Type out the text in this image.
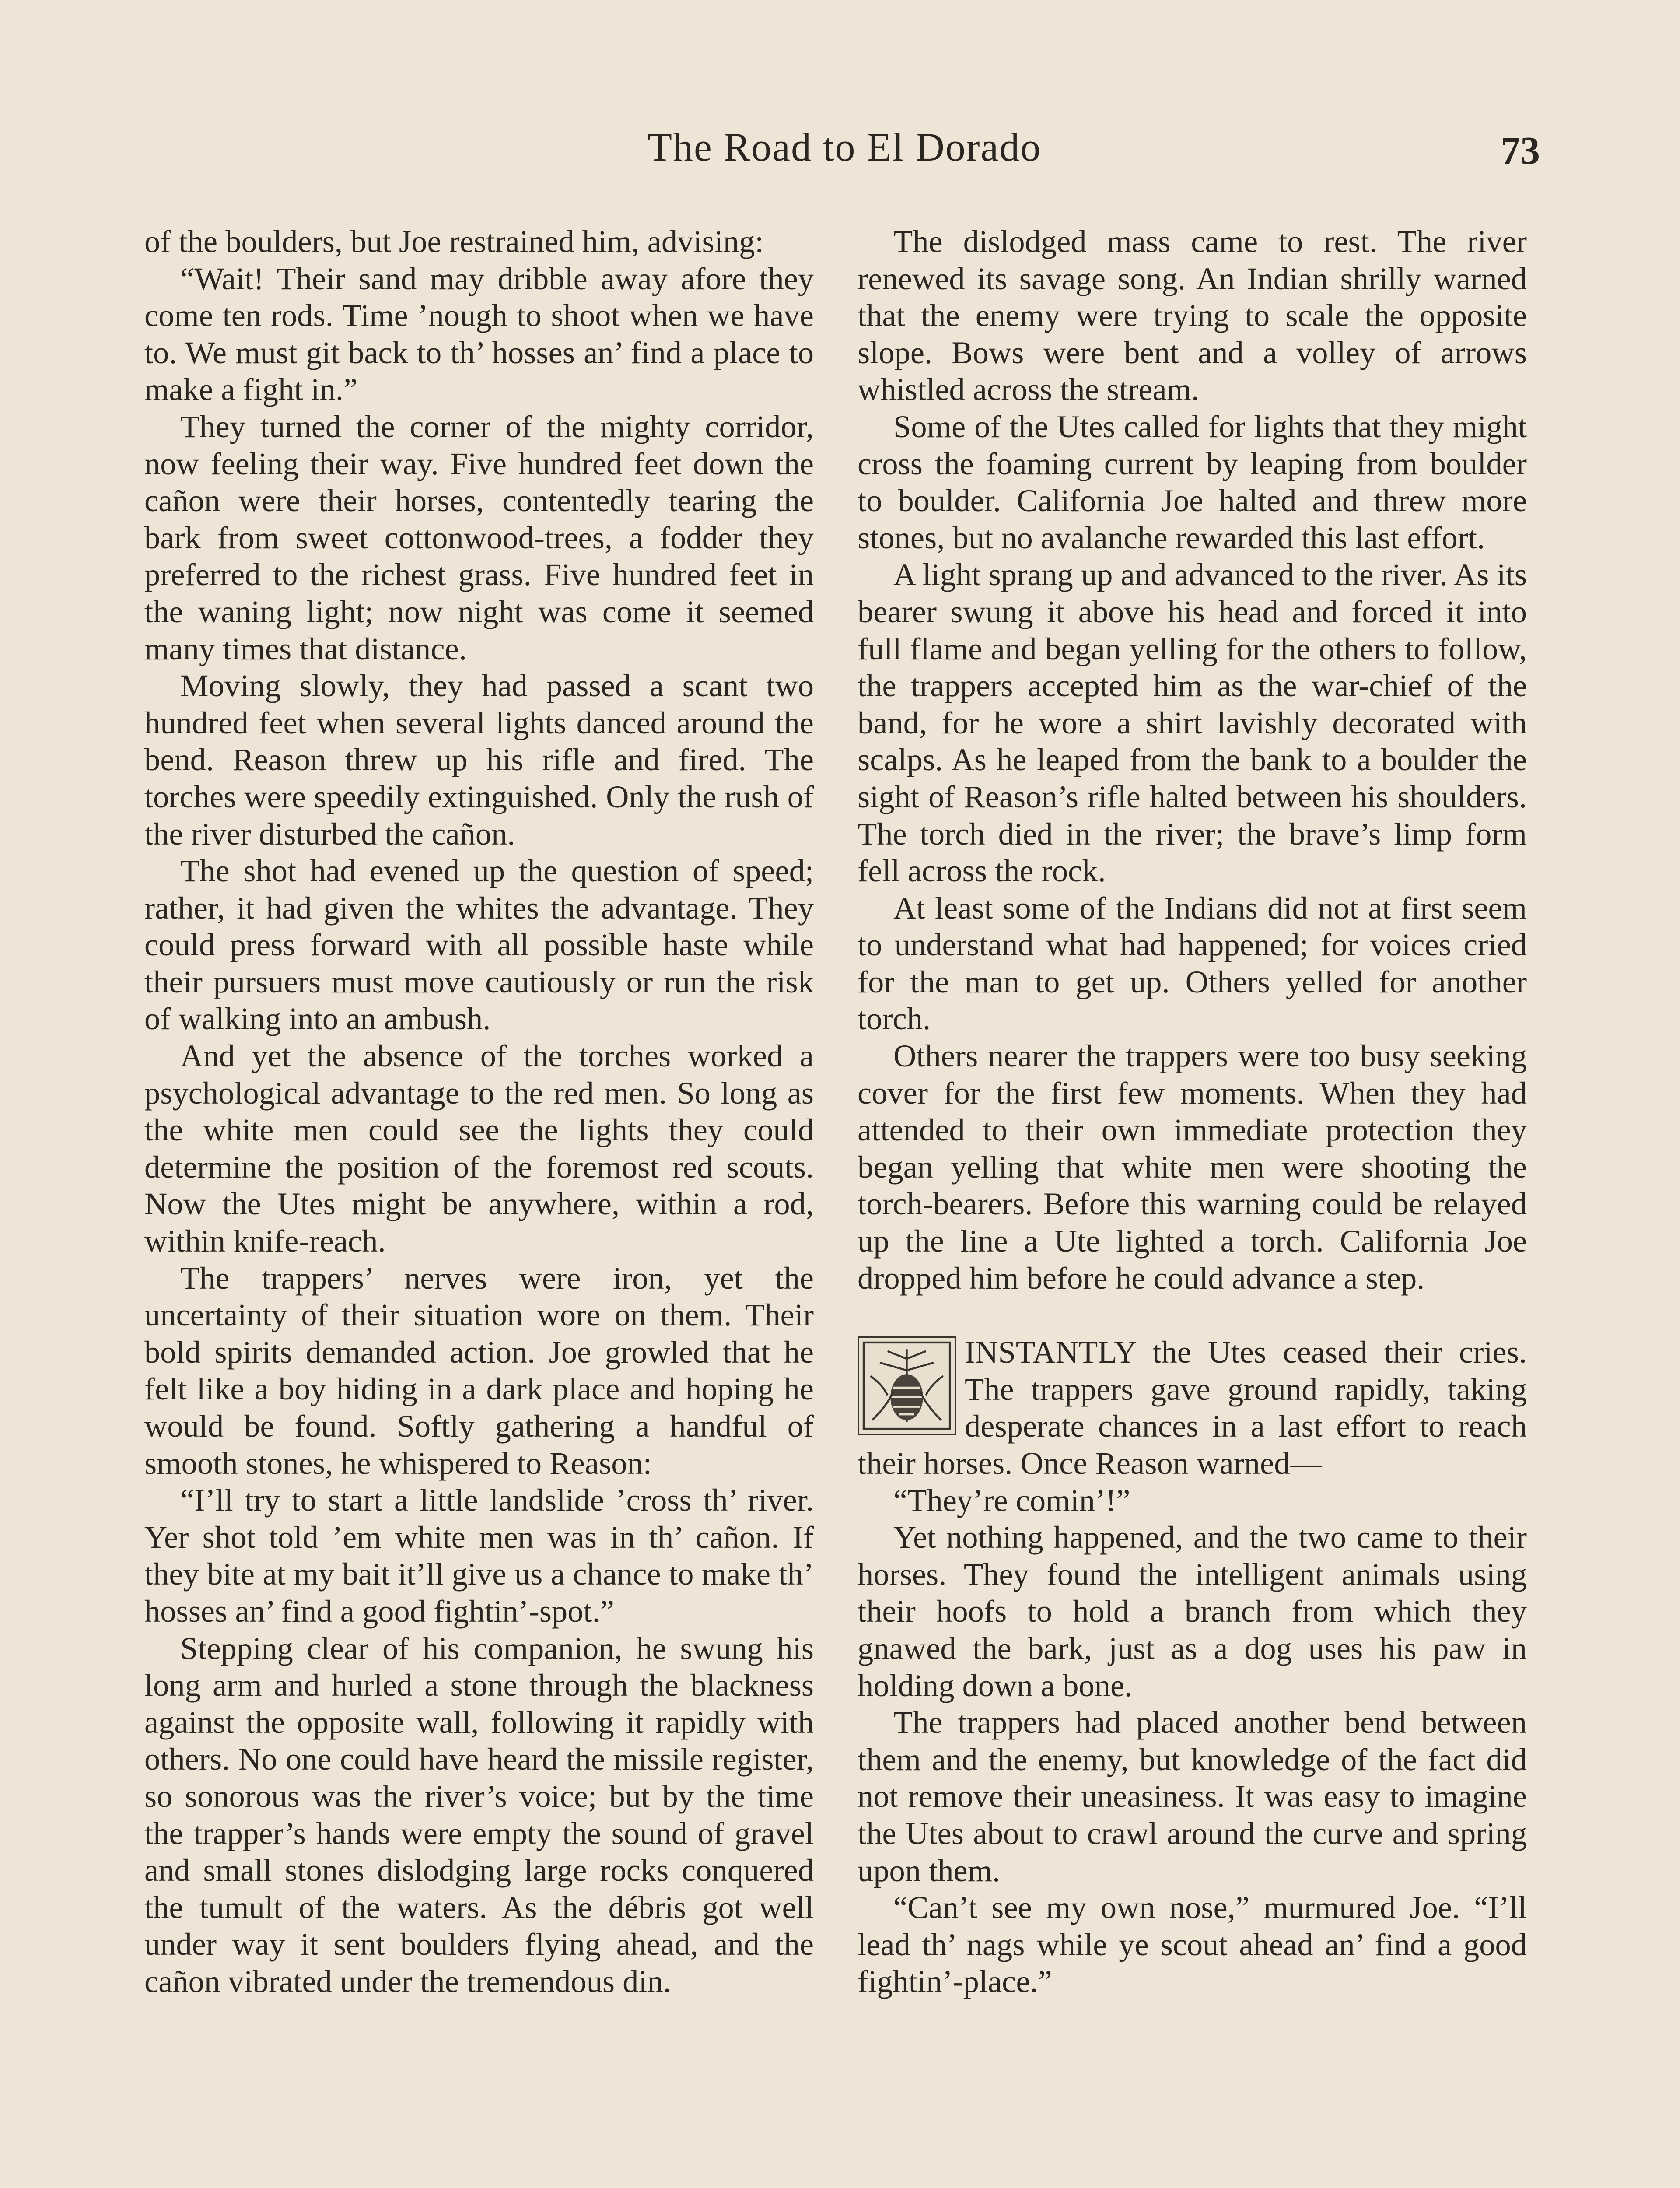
The Road to El Dorado	73

of the boulders, but Joe restrained him, advising:

“Wait! Their sand may dribble away afore they come ten rods. Time ’nough to shoot when we have to. We must git back to th’ hosses an’ find a place to make a fight in.”

They turned the corner of the mighty corridor, now feeling their way. Five hundred feet down the cañon were their horses, contentedly tearing the bark from sweet cottonwood-trees, a fodder they preferred to the richest grass. Five hundred feet in the waning light; now night was come it seemed many times that distance.

Moving slowly, they had passed a scant two hundred feet when several lights danced around the bend. Reason threw up his rifle and fired. The torches were speedily extinguished. Only the rush of the river disturbed the cañon.

The shot had evened up the question of speed; rather, it had given the whites the advantage. They could press forward with all possible haste while their pursuers must move cautiously or run the risk of walking into an ambush.

And yet the absence of the torches worked a psychological advantage to the red men. So long as the white men could see the lights they could determine the position of the foremost red scouts. Now the Utes might be anywhere, within a rod, within knife-reach.

The trappers’ nerves were iron, yet the uncertainty of their situation wore on them. Their bold spirits demanded action. Joe growled that he felt like a boy hiding in a dark place and hoping he would be found. Softly gathering a handful of smooth stones, he whispered to Reason:

“I’ll try to start a little landslide ’cross th’ river. Yer shot told ’em white men was in th’ cañon. If they bite at my bait it’ll give us a chance to make th’ hosses an’ find a good fightin’-spot.”

Stepping clear of his companion, he swung his long arm and hurled a stone through the blackness against the opposite wall, following it rapidly with others. No one could have heard the missile register, so sonorous was the river’s voice; but by the time the trapper’s hands were empty the sound of gravel and small stones dislodging large rocks conquered the tumult of the waters. As the débris got well under way it sent boulders flying ahead, and the cañon vibrated under the tremendous din.

The dislodged mass came to rest. The river renewed its savage song. An Indian shrilly warned that the enemy were trying to scale the opposite slope. Bows were bent and a volley of arrows whistled across the stream.

Some of the Utes called for lights that they might cross the foaming current by leaping from boulder to boulder. California Joe halted and threw more stones, but no avalanche rewarded this last effort.

A light sprang up and advanced to the river. As its bearer swung it above his head and forced it into full flame and began yelling for the others to follow, the trappers accepted him as the war-chief of the band, for he wore a shirt lavishly decorated with scalps. As he leaped from the bank to a boulder the sight of Reason’s rifle halted between his shoulders. The torch died in the river; the brave’s limp form fell across the rock.

At least some of the Indians did not at first seem to understand what had happened; for voices cried for the man to get up. Others yelled for another torch.

Others nearer the trappers were too busy seeking cover for the first few moments. When they had attended to their own immediate protection they began yelling that white men were shooting the torch-bearers. Before this warning could be relayed up the line a Ute lighted a torch. California Joe dropped him before he could advance a step.

INSTANTLY the Utes ceased their cries. The trappers gave ground rapidly, taking desperate chances in a last effort to reach their horses. Once Reason warned—

“They’re comin’!”

Yet nothing happened, and the two came to their horses. They found the intelligent animals using their hoofs to hold a branch from which they gnawed the bark, just as a dog uses his paw in holding down a bone.

The trappers had placed another bend between them and the enemy, but knowledge of the fact did not remove their uneasiness. It was easy to imagine the Utes about to crawl around the curve and spring upon them.

“Can’t see my own nose,” murmured Joe. “I’ll lead th’ nags while ye scout ahead an’ find a good fightin’-place.”
